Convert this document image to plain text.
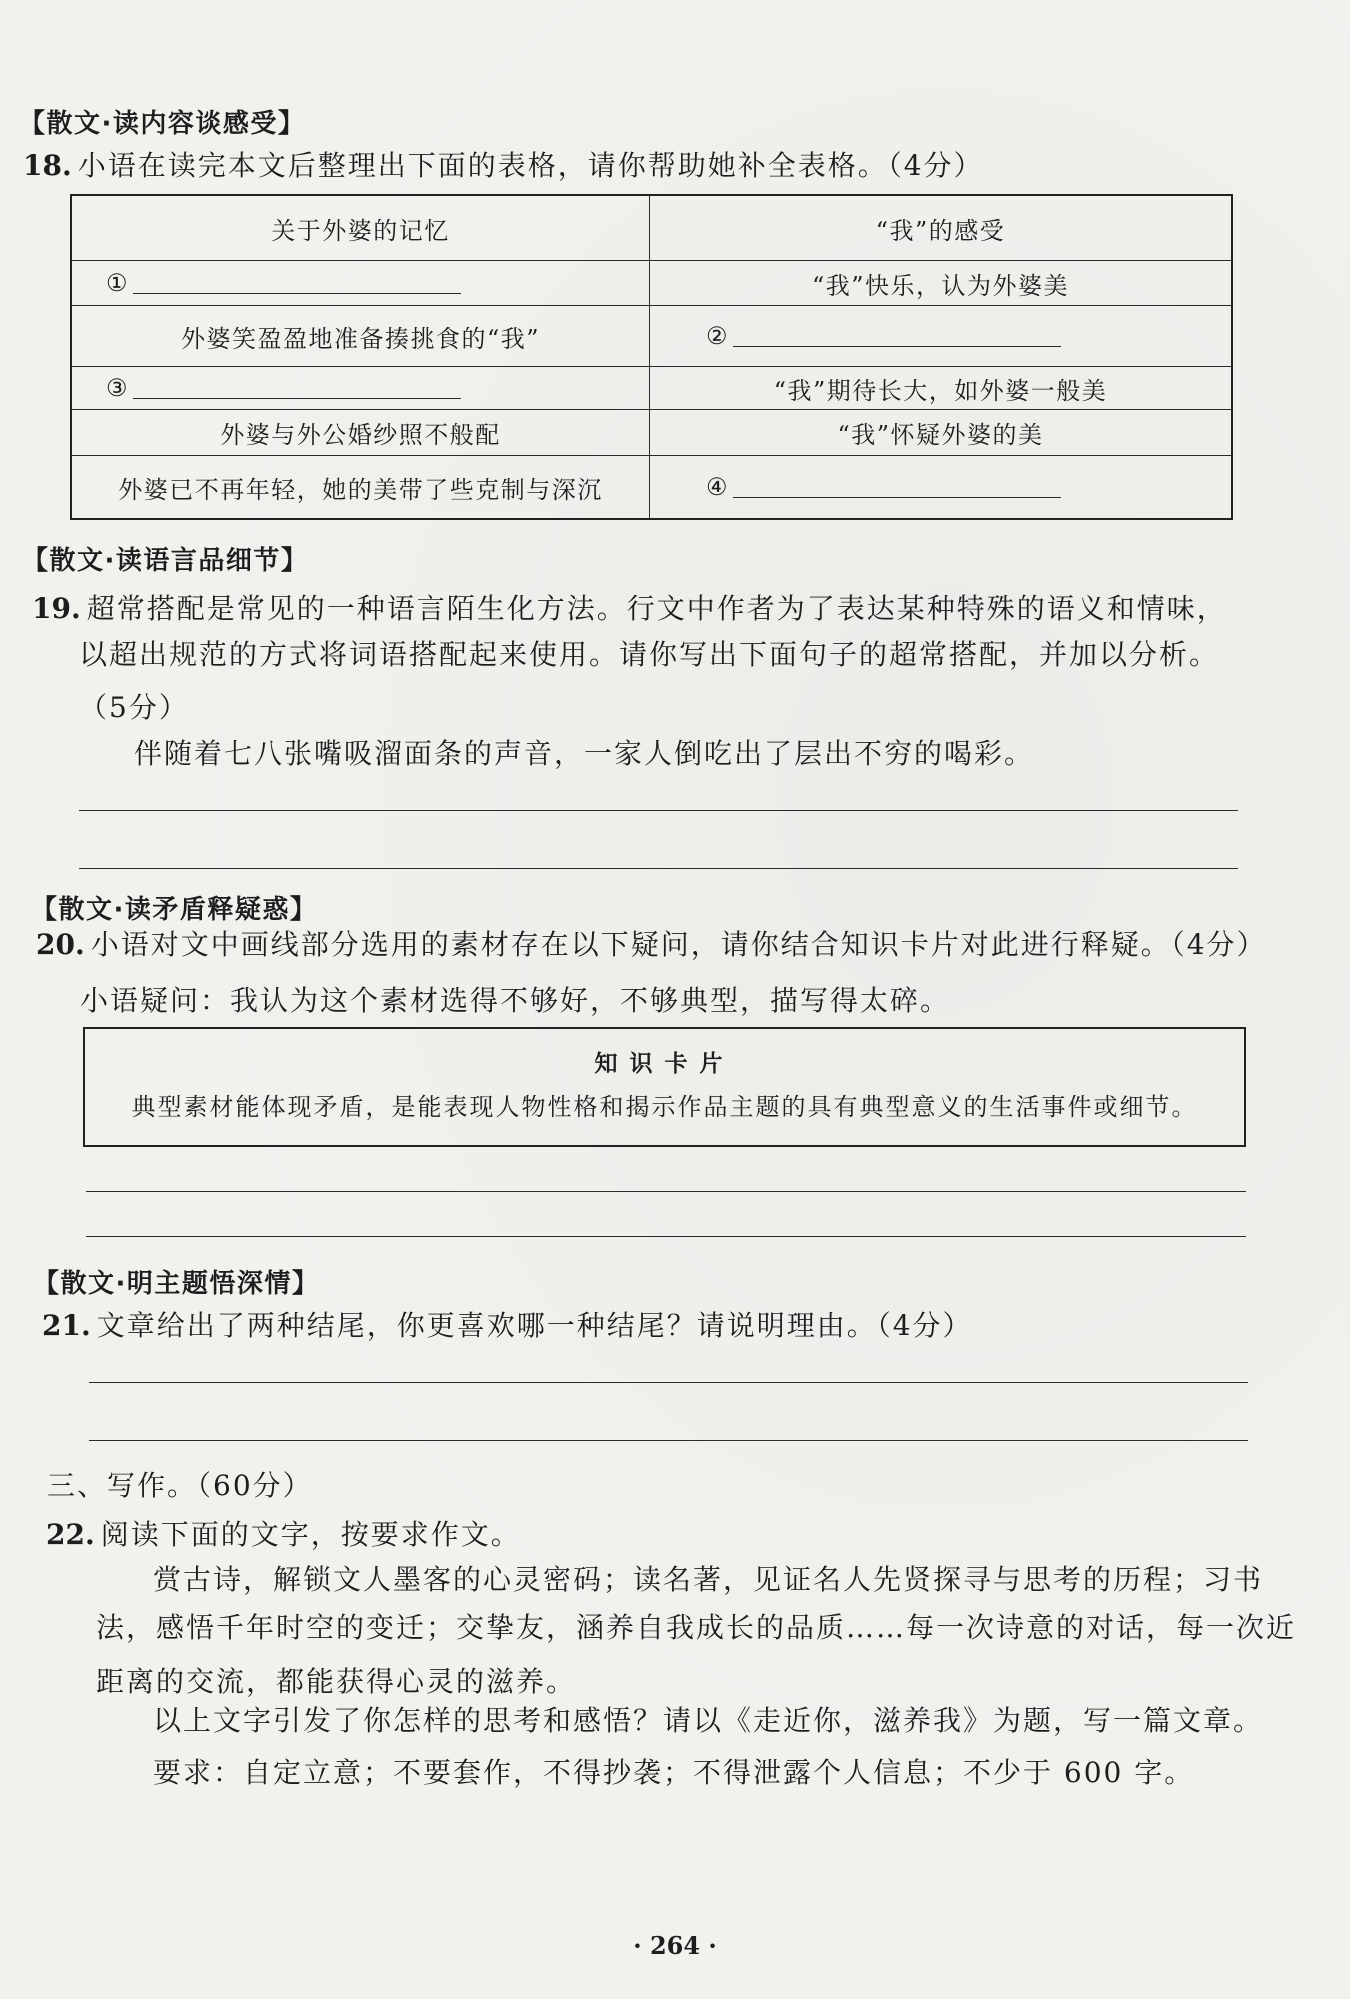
【散文·读内容谈感受】
18. 小语在读完本文后整理出下面的表格，请你帮助她补全表格。（4分）
关于外婆的记忆	“我”的感受
①	“我”快乐，认为外婆美
外婆笑盈盈地准备揍挑食的“我”	②
③	“我”期待长大，如外婆一般美
外婆与外公婚纱照不般配	“我”怀疑外婆的美
外婆已不再年轻，她的美带了些克制与深沉	④
【散文·读语言品细节】
19. 超常搭配是常见的一种语言陌生化方法。行文中作者为了表达某种特殊的语义和情味，
以超出规范的方式将词语搭配起来使用。请你写出下面句子的超常搭配，并加以分析。
（5分）
伴随着七八张嘴吸溜面条的声音，一家人倒吃出了层出不穷的喝彩。
【散文·读矛盾释疑惑】
20. 小语对文中画线部分选用的素材存在以下疑问，请你结合知识卡片对此进行释疑。（4分）
小语疑问：我认为这个素材选得不够好，不够典型，描写得太碎。
知识卡片
典型素材能体现矛盾，是能表现人物性格和揭示作品主题的具有典型意义的生活事件或细节。
【散文·明主题悟深情】
21. 文章给出了两种结尾，你更喜欢哪一种结尾？请说明理由。（4分）
三、写作。（60分）
22. 阅读下面的文字，按要求作文。
赏古诗，解锁文人墨客的心灵密码；读名著，见证名人先贤探寻与思考的历程；习书
法，感悟千年时空的变迁；交挚友，涵养自我成长的品质……每一次诗意的对话，每一次近
距离的交流，都能获得心灵的滋养。
以上文字引发了你怎样的思考和感悟？请以《走近你，滋养我》为题，写一篇文章。
要求：自定立意；不要套作，不得抄袭；不得泄露个人信息；不少于 600 字。
· 264 ·
